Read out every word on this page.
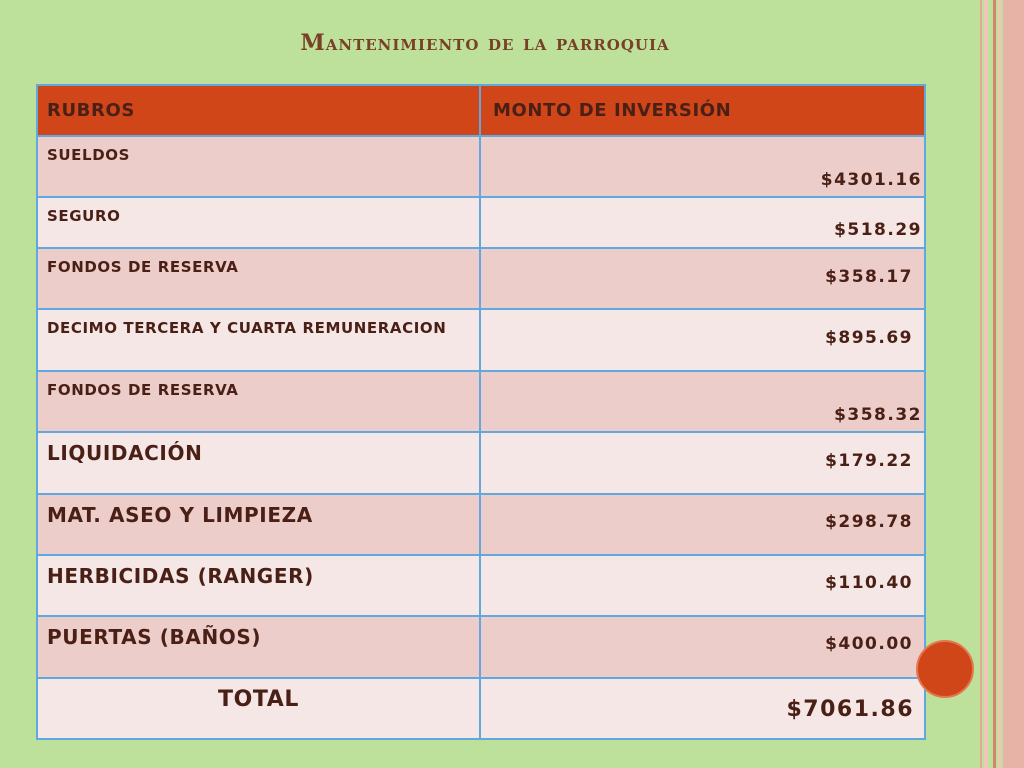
Mantenimiento de la parroquia
RUBROS	MONTO DE INVERSIÓN
SUELDOS	$4301.16

SEGURO	$518.29

FONDOS DE RESERVA	$358.17

DECIMO TERCERA Y CUARTA REMUNERACION	$895.69

FONDOS DE RESERVA	$358.32

LIQUIDACIÓN	$179.22

MAT. ASEO Y LIMPIEZA	$298.78

HERBICIDAS (RANGER)	$110.40

PUERTAS (BAÑOS)	$400.00

TOTAL	$7061.86
